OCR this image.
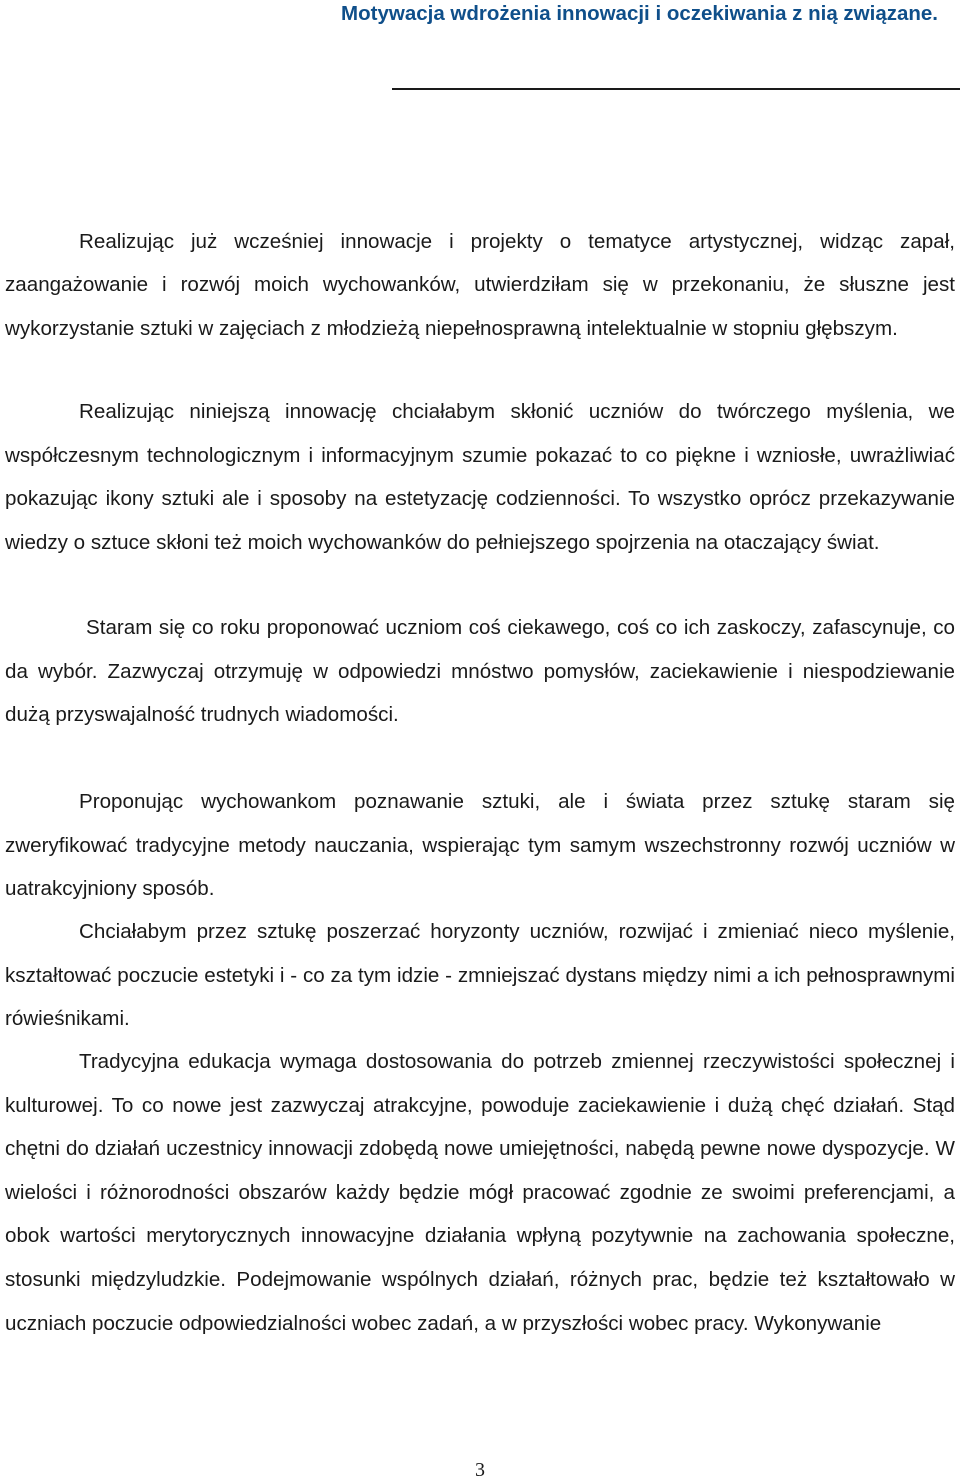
Motywacja wdrożenia innowacji i oczekiwania z nią związane.

Realizując już wcześniej innowacje i projekty o tematyce artystycznej, widząc zapał, zaangażowanie i rozwój moich wychowanków, utwierdziłam się w przekonaniu, że słuszne jest wykorzystanie sztuki w zajęciach z młodzieżą niepełnosprawną intelektualnie w stopniu głębszym.

Realizując niniejszą innowację chciałabym skłonić uczniów do twórczego myślenia, we współczesnym technologicznym i informacyjnym szumie pokazać to co piękne i wzniosłe, uwrażliwiać pokazując ikony sztuki ale i sposoby na estetyzację codzienności. To wszystko oprócz przekazywanie wiedzy o sztuce skłoni też moich wychowanków do pełniejszego spojrzenia na otaczający świat.

Staram się co roku proponować uczniom coś ciekawego, coś co ich zaskoczy, zafascynuje, co da wybór. Zazwyczaj otrzymuję w odpowiedzi mnóstwo pomysłów, zaciekawienie i niespodziewanie dużą przyswajalność trudnych wiadomości.

Proponując wychowankom poznawanie sztuki, ale i świata przez sztukę staram się zweryfikować tradycyjne metody nauczania, wspierając tym samym wszechstronny rozwój uczniów w uatrakcyjniony sposób.

Chciałabym przez sztukę poszerzać horyzonty uczniów, rozwijać i zmieniać nieco myślenie, kształtować poczucie estetyki i - co za tym idzie - zmniejszać dystans między nimi a ich pełnosprawnymi rówieśnikami.

Tradycyjna edukacja wymaga dostosowania do potrzeb zmiennej rzeczywistości społecznej i kulturowej. To co nowe jest zazwyczaj atrakcyjne, powoduje zaciekawienie i dużą chęć działań. Stąd chętni do działań uczestnicy innowacji zdobędą nowe umiejętności, nabędą pewne nowe dyspozycje. W wielości i różnorodności obszarów każdy będzie mógł pracować zgodnie ze swoimi preferencjami, a obok wartości merytorycznych innowacyjne działania wpłyną pozytywnie na zachowania społeczne, stosunki międzyludzkie. Podejmowanie wspólnych działań, różnych prac, będzie też kształtowało w uczniach poczucie odpowiedzialności wobec zadań, a w przyszłości wobec pracy. Wykonywanie

3
